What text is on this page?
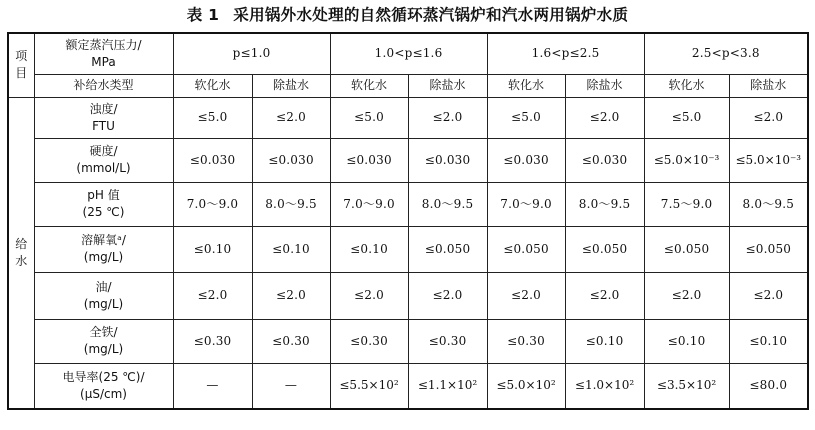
表 1 采用锅外水处理的自然循环蒸汽锅炉和汽水两用锅炉水质
项
目	额定蒸汽压力/
MPa	p≤1.0		1.0<p≤1.6		1.6<p≤2.5		2.5<p<3.8	
	补给水类型	软化水	除盐水	软化水	除盐水	软化水	除盐水	软化水	除盐水

给
水	浊度/
FTU	≤5.0	≤2.0	≤5.0	≤2.0	≤5.0	≤2.0	≤5.0	≤2.0

	硬度/
(mmol/L)	≤0.030	≤0.030	≤0.030	≤0.030	≤0.030	≤0.030	≤5.0×10⁻³	≤5.0×10⁻³

	pH 值
(25 ℃)	7.0～9.0	8.0～9.5	7.0～9.0	8.0～9.5	7.0～9.0	8.0～9.5	7.5～9.0	8.0～9.5

	溶解氧ᵃ/
(mg/L)	≤0.10	≤0.10	≤0.10	≤0.050	≤0.050	≤0.050	≤0.050	≤0.050

	油/
(mg/L)	≤2.0	≤2.0	≤2.0	≤2.0	≤2.0	≤2.0	≤2.0	≤2.0

	全铁/
(mg/L)	≤0.30	≤0.30	≤0.30	≤0.30	≤0.30	≤0.10	≤0.10	≤0.10

	电导率(25 ℃)/
(μS/cm)	—	—	≤5.5×10²	≤1.1×10²	≤5.0×10²	≤1.0×10²	≤3.5×10²	≤80.0
